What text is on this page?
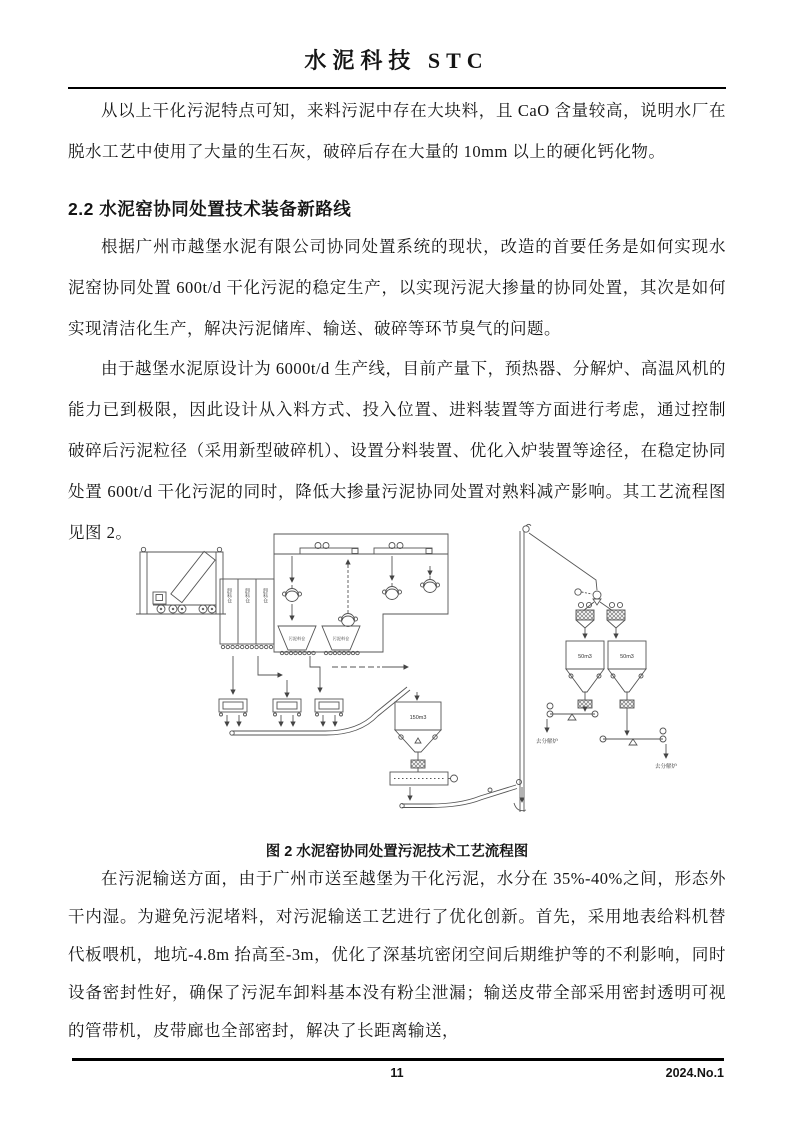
水泥科技 STC
从以上干化污泥特点可知，来料污泥中存在大块料，且 CaO 含量较高，说明水厂在脱水工艺中使用了大量的生石灰，破碎后存在大量的 10mm 以上的硬化钙化物。
2.2 水泥窑协同处置技术装备新路线
根据广州市越堡水泥有限公司协同处置系统的现状，改造的首要任务是如何实现水泥窑协同处置 600t/d 干化污泥的稳定生产，以实现污泥大掺量的协同处置，其次是如何实现清洁化生产，解决污泥储库、输送、破碎等环节臭气的问题。
由于越堡水泥原设计为 6000t/d 生产线，目前产量下，预热器、分解炉、高温风机的能力已到极限，因此设计从入料方式、投入位置、进料装置等方面进行考虑，通过控制破碎后污泥粒径（采用新型破碎机）、设置分料装置、优化入炉装置等途径，在稳定协同处置 600t/d 干化污泥的同时，降低大掺量污泥协同处置对熟料减产影响。其工艺流程图见图 2。
卸料仓 卸料仓 卸料仓
污泥料仓	污泥料仓
150m3
50m3	50m3
去分解炉
去分解炉
图 2 水泥窑协同处置污泥技术工艺流程图
在污泥输送方面，由于广州市送至越堡为干化污泥，水分在 35%-40%之间，形态外干内湿。为避免污泥堵料，对污泥输送工艺进行了优化创新。首先，采用地表给料机替代板喂机，地坑-4.8m 抬高至-3m，优化了深基坑密闭空间后期维护等的不利影响，同时设备密封性好，确保了污泥车卸料基本没有粉尘泄漏；输送皮带全部采用密封透明可视的管带机，皮带廊也全部密封，解决了长距离输送，
11	2024.No.1
